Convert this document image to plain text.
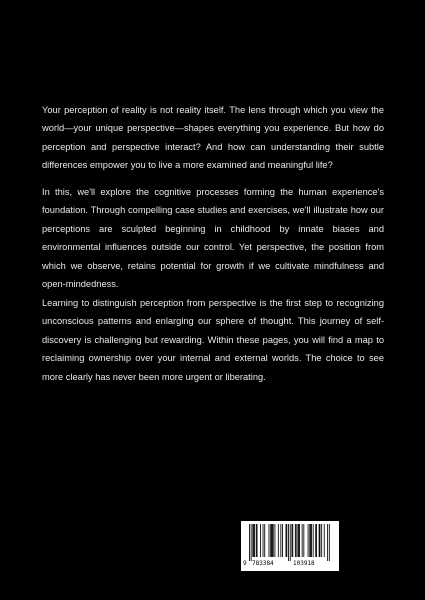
Your perception of reality is not reality itself. The lens through which you view the world—your unique perspective—shapes everything you experience. But how do perception and perspective interact? And how can understanding their subtle differences empower you to live a more examined and meaningful life?

In this, we'll explore the cognitive processes forming the human experience's foundation. Through compelling case studies and exercises, we'll illustrate how our perceptions are sculpted beginning in childhood by innate biases and environmental influences outside our control. Yet perspective, the position from which we observe, retains potential for growth if we cultivate mindfulness and open-mindedness.

Learning to distinguish perception from perspective is the first step to recognizing unconscious patterns and enlarging our sphere of thought. This journey of self-discovery is challenging but rewarding. Within these pages, you will find a map to reclaiming ownership over your internal and external worlds. The choice to see more clearly has never been more urgent or liberating.

9 783384	103918
